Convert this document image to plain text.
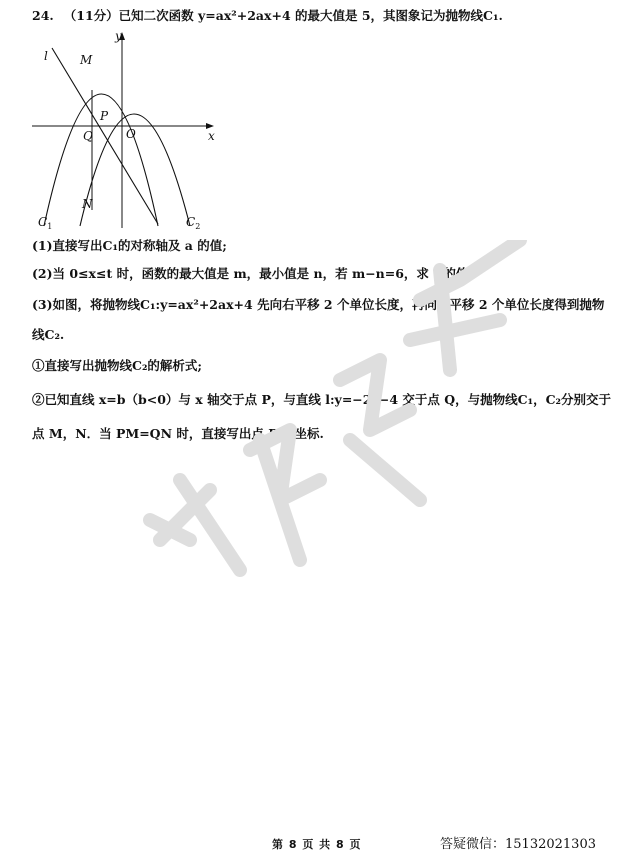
24. （11分）已知二次函数 y=ax²+2ax+4 的最大值是 5，其图象记为抛物线C₁.
y
x
l	M
P
Q	O
N
$C_1$	$C_2$
(1)直接写出C₁的对称轴及 a 的值;
(2)当 0≤x≤t 时，函数的最大值是 m，最小值是 n，若 m−n=6，求 t 的值;
(3)如图，将抛物线C₁:y=ax²+2ax+4 先向右平移 2 个单位长度，再向下平移 2 个单位长度得到抛物
线C₂.
①直接写出抛物线C₂的解析式;
②已知直线 x=b（b<0）与 x 轴交于点 P，与直线 l:y=−2x−4 交于点 Q，与抛物线C₁，C₂分别交于
点 M，N．当 PM=QN 时，直接写出点 P 的坐标.
第 8 页 共 8 页	答疑微信：15132021303
